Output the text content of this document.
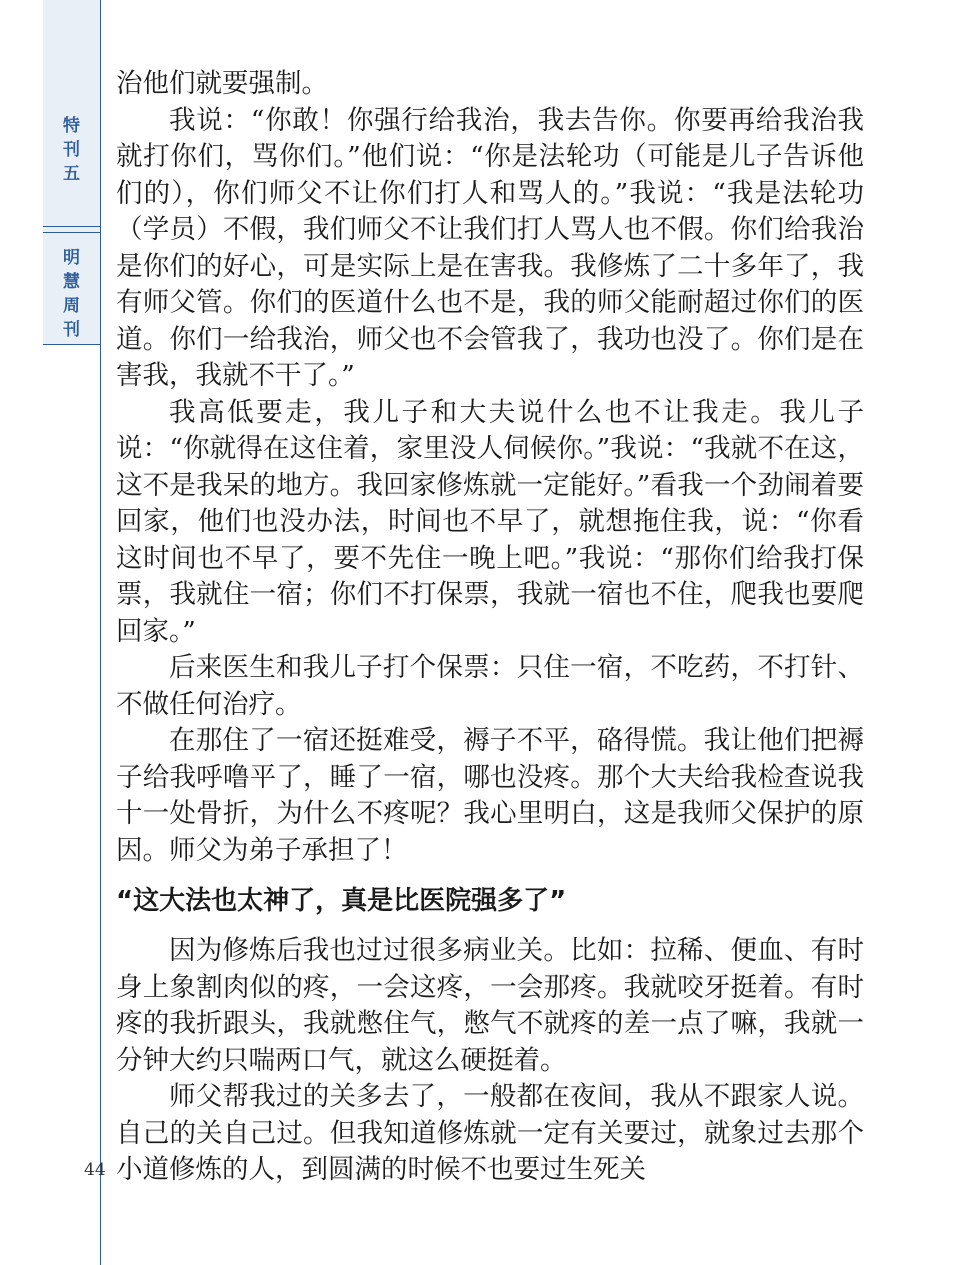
特刊五
明慧周刊
44

治他们就要强制。

我说：“你敢！你强行给我治，我去告你。你要再给我治我就打你们，骂你们。”他们说：“你是法轮功（可能是儿子告诉他们的），你们师父不让你们打人和骂人的。”我说：“我是法轮功（学员）不假，我们师父不让我们打人骂人也不假。你们给我治是你们的好心，可是实际上是在害我。我修炼了二十多年了，我有师父管。你们的医道什么也不是，我的师父能耐超过你们的医道。你们一给我治，师父也不会管我了，我功也没了。你们是在害我，我就不干了。”

我高低要走，我儿子和大夫说什么也不让我走。我儿子说：“你就得在这住着，家里没人伺候你。”我说：“我就不在这，这不是我呆的地方。我回家修炼就一定能好。”看我一个劲闹着要回家，他们也没办法，时间也不早了，就想拖住我，说：“你看这时间也不早了，要不先住一晚上吧。”我说：“那你们给我打保票，我就住一宿；你们不打保票，我就一宿也不住，爬我也要爬回家。”

后来医生和我儿子打个保票：只住一宿，不吃药，不打针、不做任何治疗。

在那住了一宿还挺难受，褥子不平，硌得慌。我让他们把褥子给我呼噜平了，睡了一宿，哪也没疼。那个大夫给我检查说我十一处骨折，为什么不疼呢？我心里明白，这是我师父保护的原因。师父为弟子承担了！

“这大法也太神了，真是比医院强多了”

因为修炼后我也过过很多病业关。比如：拉稀、便血、有时身上象割肉似的疼，一会这疼，一会那疼。我就咬牙挺着。有时疼的我折跟头，我就憋住气，憋气不就疼的差一点了嘛，我就一分钟大约只喘两口气，就这么硬挺着。

师父帮我过的关多去了，一般都在夜间，我从不跟家人说。自己的关自己过。但我知道修炼就一定有关要过，就象过去那个小道修炼的人，到圆满的时候不也要过生死关
